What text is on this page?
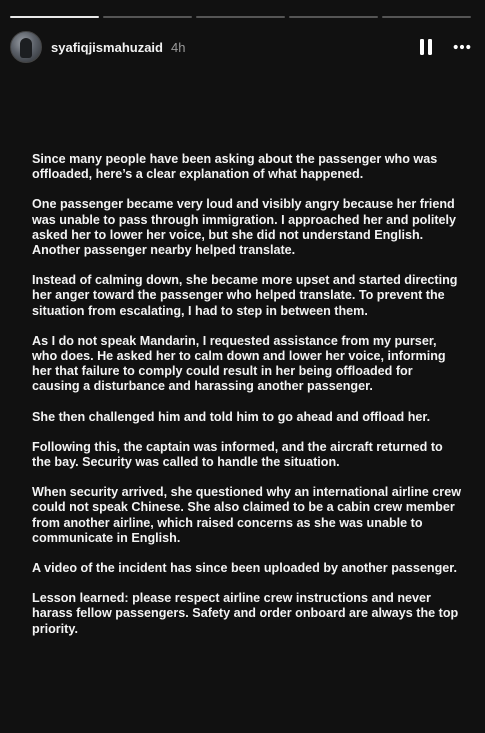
syafiqjismahuzaid 4h

Since many people have been asking about the passenger who was offloaded, here’s a clear explanation of what happened.

One passenger became very loud and visibly angry because her friend was unable to pass through immigration. I approached her and politely asked her to lower her voice, but she did not understand English. Another passenger nearby helped translate.

Instead of calming down, she became more upset and started directing her anger toward the passenger who helped translate. To prevent the situation from escalating, I had to step in between them.

As I do not speak Mandarin, I requested assistance from my purser, who does. He asked her to calm down and lower her voice, informing her that failure to comply could result in her being offloaded for causing a disturbance and harassing another passenger.

She then challenged him and told him to go ahead and offload her.

Following this, the captain was informed, and the aircraft returned to the bay. Security was called to handle the situation.

When security arrived, she questioned why an international airline crew could not speak Chinese. She also claimed to be a cabin crew member from another airline, which raised concerns as she was unable to communicate in English.

A video of the incident has since been uploaded by another passenger.

Lesson learned: please respect airline crew instructions and never harass fellow passengers. Safety and order onboard are always the top priority.
